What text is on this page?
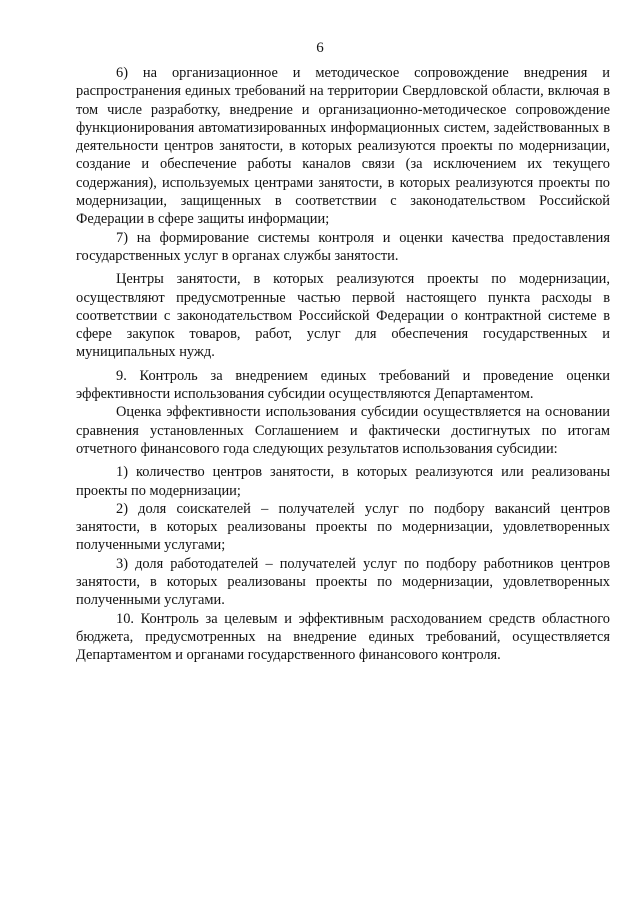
6

6) на организационное и методическое сопровождение внедрения и распространения единых требований на территории Свердловской области, включая в том числе разработку, внедрение и организационно-методическое сопровождение функционирования автоматизированных информационных систем, задействованных в деятельности центров занятости, в которых реализуются проекты по модернизации, создание и обеспечение работы каналов связи (за исключением их текущего содержания), используемых центрами занятости, в которых реализуются проекты по модернизации, защищенных в соответствии с законодательством Российской Федерации в сфере защиты информации;

7) на формирование системы контроля и оценки качества предоставления государственных услуг в органах службы занятости.

Центры занятости, в которых реализуются проекты по модернизации, осуществляют предусмотренные частью первой настоящего пункта расходы в соответствии с законодательством Российской Федерации о контрактной системе в сфере закупок товаров, работ, услуг для обеспечения государственных и муниципальных нужд.

9. Контроль за внедрением единых требований и проведение оценки эффективности использования субсидии осуществляются Департаментом.

Оценка эффективности использования субсидии осуществляется на основании сравнения установленных Соглашением и фактически достигнутых по итогам отчетного финансового года следующих результатов использования субсидии:

1) количество центров занятости, в которых реализуются или реализованы проекты по модернизации;

2) доля соискателей – получателей услуг по подбору вакансий центров занятости, в которых реализованы проекты по модернизации, удовлетворенных полученными услугами;

3) доля работодателей – получателей услуг по подбору работников центров занятости, в которых реализованы проекты по модернизации, удовлетворенных полученными услугами.

10. Контроль за целевым и эффективным расходованием средств областного бюджета, предусмотренных на внедрение единых требований, осуществляется Департаментом и органами государственного финансового контроля.
